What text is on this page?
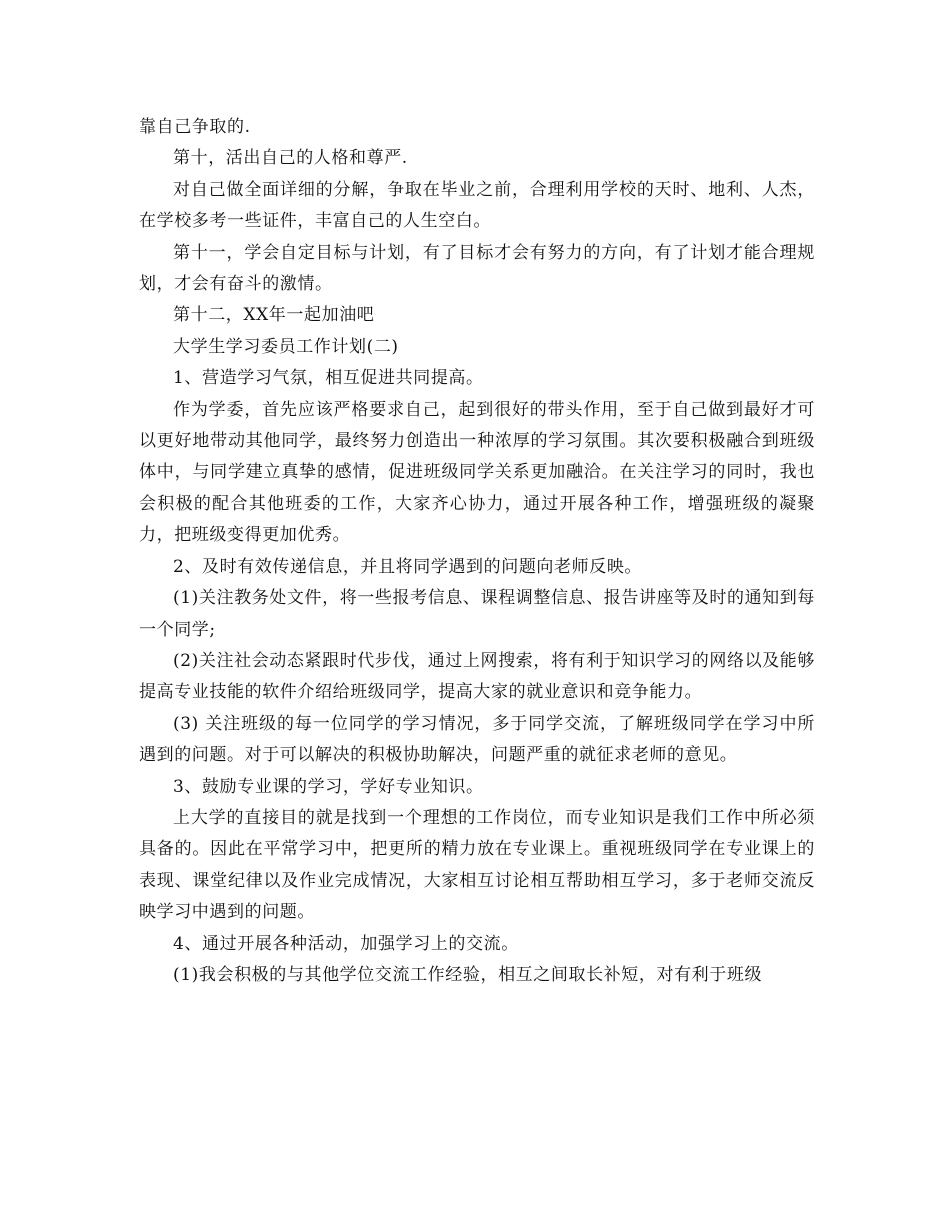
靠自己争取的.

第十，活出自己的人格和尊严.

对自己做全面详细的分解，争取在毕业之前，合理利用学校的天时、地利、人杰，在学校多考一些证件，丰富自己的人生空白。

第十一，学会自定目标与计划，有了目标才会有努力的方向，有了计划才能合理规划，才会有奋斗的激情。

第十二，XX年一起加油吧

大学生学习委员工作计划(二)

1、营造学习气氛，相互促进共同提高。

作为学委，首先应该严格要求自己，起到很好的带头作用，至于自己做到最好才可以更好地带动其他同学，最终努力创造出一种浓厚的学习氛围。其次要积极融合到班级体中，与同学建立真挚的感情，促进班级同学关系更加融洽。在关注学习的同时，我也会积极的配合其他班委的工作，大家齐心协力，通过开展各种工作，增强班级的凝聚力，把班级变得更加优秀。

2、及时有效传递信息，并且将同学遇到的问题向老师反映。

(1)关注教务处文件，将一些报考信息、课程调整信息、报告讲座等及时的通知到每一个同学;

(2)关注社会动态紧跟时代步伐，通过上网搜索，将有利于知识学习的网络以及能够提高专业技能的软件介绍给班级同学，提高大家的就业意识和竞争能力。

(3) 关注班级的每一位同学的学习情况，多于同学交流，了解班级同学在学习中所遇到的问题。对于可以解决的积极协助解决，问题严重的就征求老师的意见。

3、鼓励专业课的学习，学好专业知识。

上大学的直接目的就是找到一个理想的工作岗位，而专业知识是我们工作中所必须具备的。因此在平常学习中，把更所的精力放在专业课上。重视班级同学在专业课上的表现、课堂纪律以及作业完成情况，大家相互讨论相互帮助相互学习，多于老师交流反映学习中遇到的问题。

4、通过开展各种活动，加强学习上的交流。

(1)我会积极的与其他学位交流工作经验，相互之间取长补短，对有利于班级
